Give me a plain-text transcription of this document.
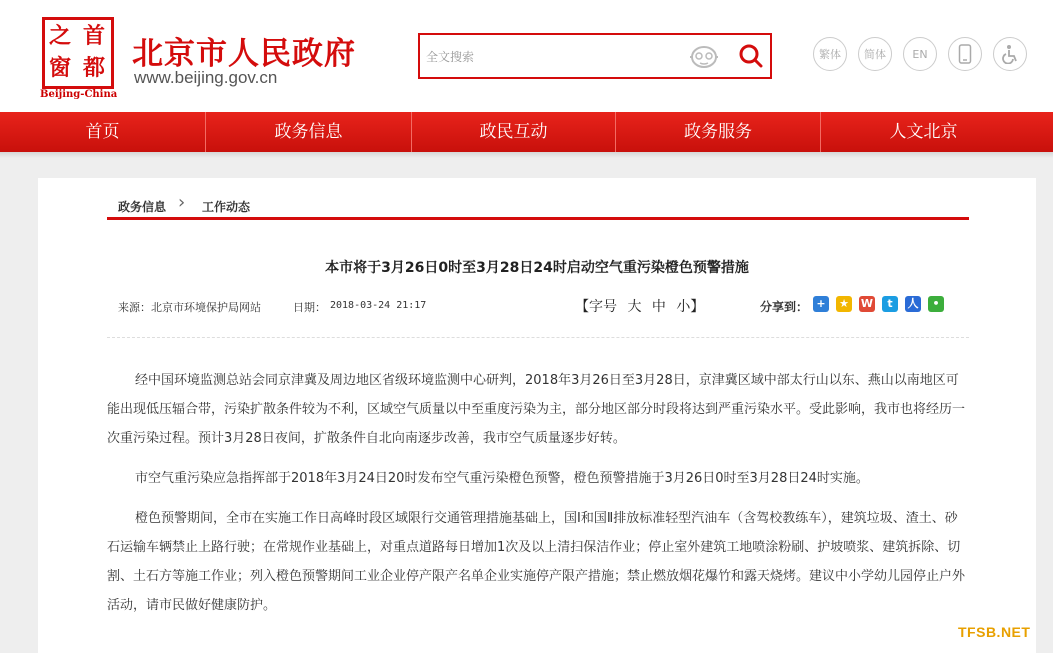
之 首
窗 都
Beijing-China
北京市人民政府
www.beijing.gov.cn
全文搜索
繁体	简体	EN
首页	政务信息	政民互动	政务服务	人文北京
政务信息 › 工作动态
本市将于3月26日0时至3月28日24时启动空气重污染橙色预警措施
来源：北京市环境保护局网站	日期： 2018-03-24 21:17	【字号 大 中 小】	分享到： +	★ W	t	人	•

经中国环境监测总站会同京津冀及周边地区省级环境监测中心研判，2018年3月26日至3月28日，京津冀区域中部太行山以东、燕山以南地区可能出现低压辐合带，污染扩散条件较为不利，区域空气质量以中至重度污染为主，部分地区部分时段将达到严重污染水平。受此影响，我市也将经历一次重污染过程。预计3月28日夜间，扩散条件自北向南逐步改善，我市空气质量逐步好转。

市空气重污染应急指挥部于2018年3月24日20时发布空气重污染橙色预警，橙色预警措施于3月26日0时至3月28日24时实施。

橙色预警期间，全市在实施工作日高峰时段区域限行交通管理措施基础上，国Ⅰ和国Ⅱ排放标准轻型汽油车（含驾校教练车），建筑垃圾、渣土、砂石运输车辆禁止上路行驶；在常规作业基础上，对重点道路每日增加1次及以上清扫保洁作业；停止室外建筑工地喷涂粉刷、护坡喷浆、建筑拆除、切割、土石方等施工作业；列入橙色预警期间工业企业停产限产名单企业实施停产限产措施；禁止燃放烟花爆竹和露天烧烤。建议中小学幼儿园停止户外活动，请市民做好健康防护。

TFSB.NET
